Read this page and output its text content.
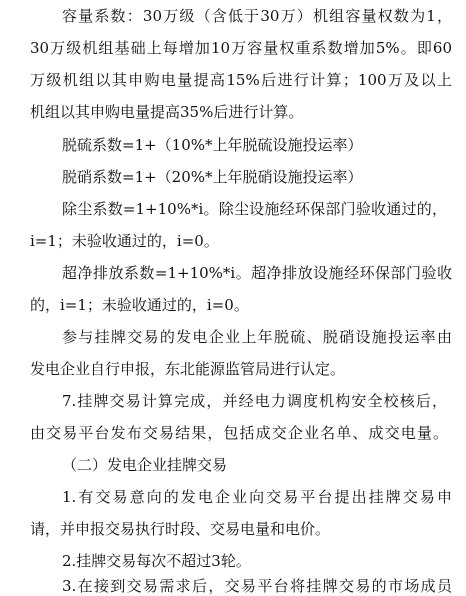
容量系数：30万级（含低于30万）机组容量权数为1，
30万级机组基础上每增加10万容量权重系数增加5%。即60
万级机组以其申购电量提高15%后进行计算；100万及以上
机组以其申购电量提高35%后进行计算。
脱硫系数=1+（10%*上年脱硫设施投运率）
脱硝系数=1+（20%*上年脱硝设施投运率）
除尘系数=1+10%*i。除尘设施经环保部门验收通过的，
i=1；未验收通过的，i=0。
超净排放系数=1+10%*i。超净排放设施经环保部门验收
的，i=1；未验收通过的，i=0。
参与挂牌交易的发电企业上年脱硫、脱硝设施投运率由
发电企业自行申报，东北能源监管局进行认定。
7.挂牌交易计算完成，并经电力调度机构安全校核后，
由交易平台发布交易结果，包括成交企业名单、成交电量。
（二）发电企业挂牌交易
1.有交易意向的发电企业向交易平台提出挂牌交易申
请，并申报交易执行时段、交易电量和电价。
2.挂牌交易每次不超过3轮。
3.在接到交易需求后，交易平台将挂牌交易的市场成员
